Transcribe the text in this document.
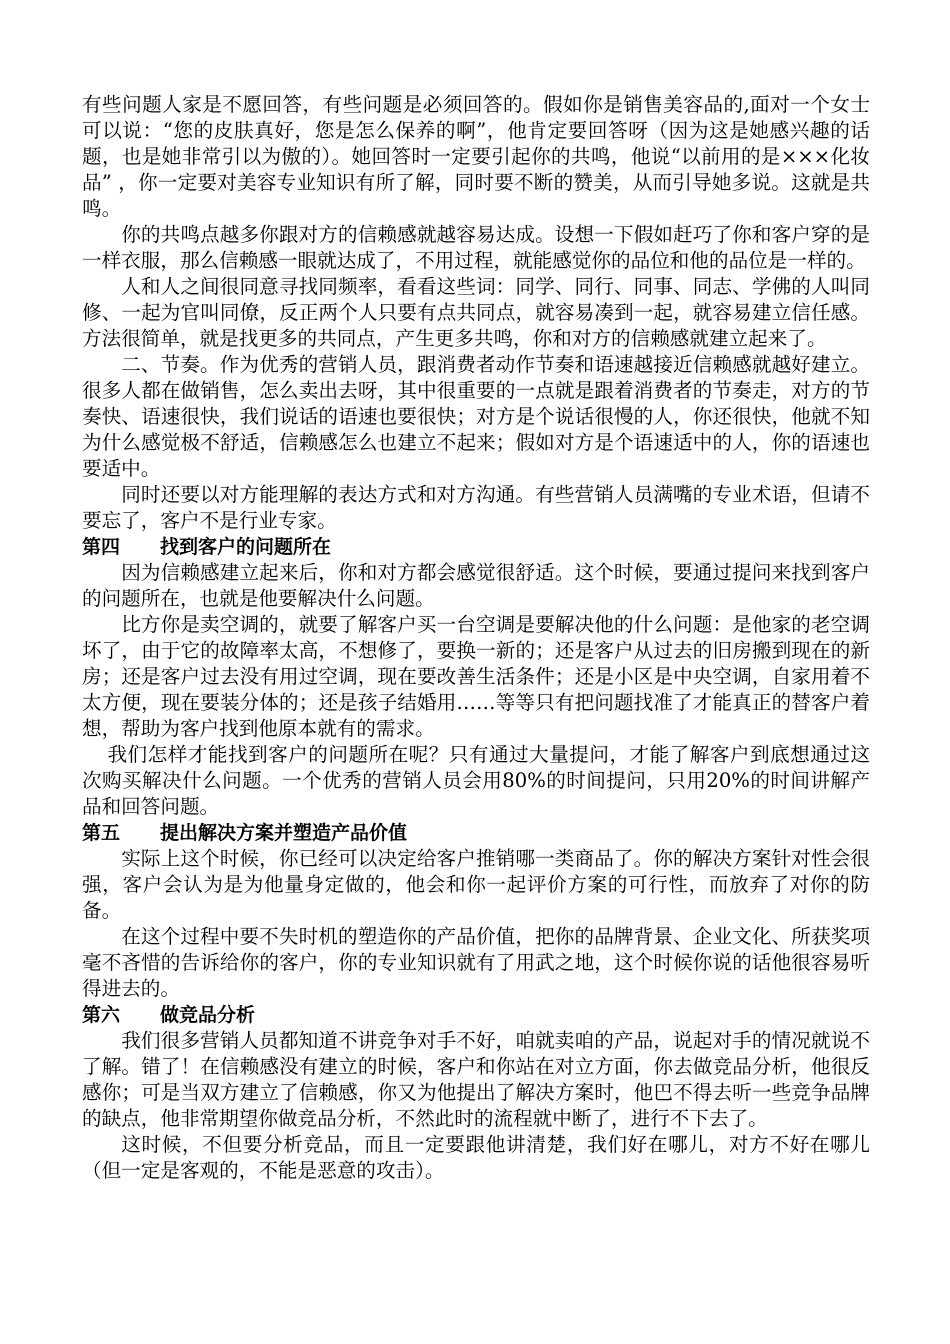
有些问题人家是不愿回答，有些问题是必须回答的。假如你是销售美容品的,面对一个女士可以说：“您的皮肤真好，您是怎么保养的啊”，他肯定要回答呀（因为这是她感兴趣的话题，也是她非常引以为傲的）。她回答时一定要引起你的共鸣，他说“以前用的是×××化妆品” ，你一定要对美容专业知识有所了解，同时要不断的赞美，从而引导她多说。这就是共鸣。

你的共鸣点越多你跟对方的信赖感就越容易达成。设想一下假如赶巧了你和客户穿的是一样衣服，那么信赖感一眼就达成了，不用过程，就能感觉你的品位和他的品位是一样的。

人和人之间很同意寻找同频率，看看这些词：同学、同行、同事、同志、学佛的人叫同修、一起为官叫同僚，反正两个人只要有点共同点，就容易凑到一起，就容易建立信任感。方法很简单，就是找更多的共同点，产生更多共鸣，你和对方的信赖感就建立起来了。

二、节奏。作为优秀的营销人员，跟消费者动作节奏和语速越接近信赖感就越好建立。很多人都在做销售，怎么卖出去呀，其中很重要的一点就是跟着消费者的节奏走，对方的节奏快、语速很快，我们说话的语速也要很快；对方是个说话很慢的人，你还很快，他就不知为什么感觉极不舒适，信赖感怎么也建立不起来；假如对方是个语速适中的人，你的语速也要适中。

同时还要以对方能理解的表达方式和对方沟通。有些营销人员满嘴的专业术语，但请不要忘了，客户不是行业专家。

第四 找到客户的问题所在

因为信赖感建立起来后，你和对方都会感觉很舒适。这个时候，要通过提问来找到客户的问题所在，也就是他要解决什么问题。

比方你是卖空调的，就要了解客户买一台空调是要解决他的什么问题：是他家的老空调坏了，由于它的故障率太高，不想修了，要换一新的；还是客户从过去的旧房搬到现在的新房；还是客户过去没有用过空调，现在要改善生活条件；还是小区是中央空调，自家用着不太方便，现在要装分体的；还是孩子结婚用……等等只有把问题找准了才能真正的替客户着想，帮助为客户找到他原本就有的需求。

我们怎样才能找到客户的问题所在呢？只有通过大量提问，才能了解客户到底想通过这次购买解决什么问题。一个优秀的营销人员会用80%的时间提问，只用20%的时间讲解产品和回答问题。

第五 提出解决方案并塑造产品价值

实际上这个时候，你已经可以决定给客户推销哪一类商品了。你的解决方案针对性会很强，客户会认为是为他量身定做的，他会和你一起评价方案的可行性，而放弃了对你的防备。

在这个过程中要不失时机的塑造你的产品价值，把你的品牌背景、企业文化、所获奖项毫不吝惜的告诉给你的客户，你的专业知识就有了用武之地，这个时候你说的话他很容易听得进去的。

第六 做竞品分析

我们很多营销人员都知道不讲竞争对手不好，咱就卖咱的产品，说起对手的情况就说不了解。错了！在信赖感没有建立的时候，客户和你站在对立方面，你去做竞品分析，他很反感你；可是当双方建立了信赖感，你又为他提出了解决方案时，他巴不得去听一些竞争品牌的缺点，他非常期望你做竞品分析，不然此时的流程就中断了，进行不下去了。

这时候，不但要分析竞品，而且一定要跟他讲清楚，我们好在哪儿，对方不好在哪儿（但一定是客观的，不能是恶意的攻击）。
